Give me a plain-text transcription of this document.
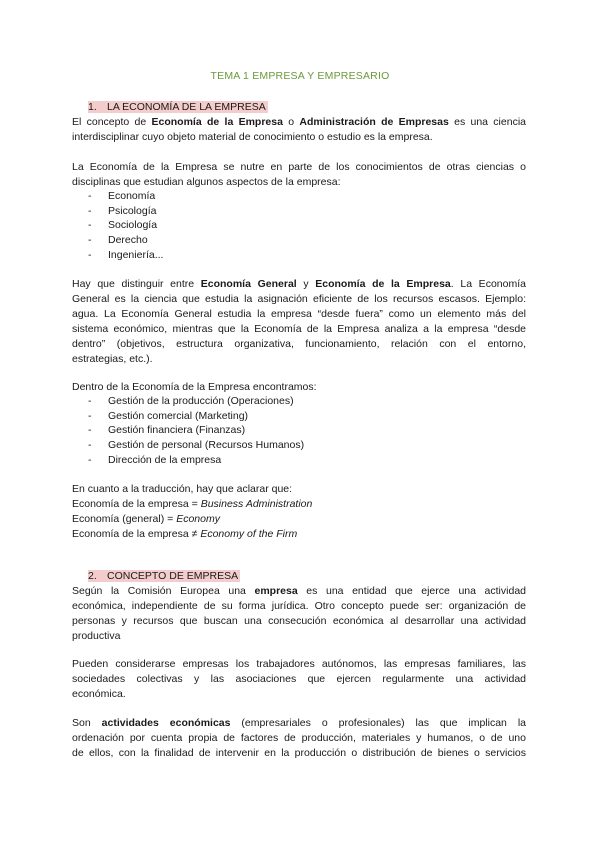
TEMA 1 EMPRESA Y EMPRESARIO
1. LA ECONOMÍA DE LA EMPRESA
El concepto de Economía de la Empresa o Administración de Empresas es una ciencia
interdisciplinar cuyo objeto material de conocimiento o estudio es la empresa.
La Economía de la Empresa se nutre en parte de los conocimientos de otras ciencias o
disciplinas que estudian algunos aspectos de la empresa:
-	Economía
-	Psicología
-	Sociología
-	Derecho
-	Ingeniería...
Hay que distinguir entre Economía General y Economía de la Empresa. La Economía
General es la ciencia que estudia la asignación eficiente de los recursos escasos. Ejemplo:
agua. La Economía General estudia la empresa “desde fuera” como un elemento más del
sistema económico, mientras que la Economía de la Empresa analiza a la empresa “desde
dentro” (objetivos, estructura organizativa, funcionamiento, relación con el entorno,
estrategias, etc.).
Dentro de la Economía de la Empresa encontramos:
-	Gestión de la producción (Operaciones)
-	Gestión comercial (Marketing)
-	Gestión financiera (Finanzas)
-	Gestión de personal (Recursos Humanos)
-	Dirección de la empresa
En cuanto a la traducción, hay que aclarar que:
Economía de la empresa = Business Administration
Economía (general) = Economy
Economía de la empresa ≠ Economy of the Firm
2. CONCEPTO DE EMPRESA
Según la Comisión Europea una empresa es una entidad que ejerce una actividad
económica, independiente de su forma jurídica. Otro concepto puede ser: organización de
personas y recursos que buscan una consecución económica al desarrollar una actividad
productiva
Pueden considerarse empresas los trabajadores autónomos, las empresas familiares, las
sociedades colectivas y las asociaciones que ejercen regularmente una actividad
económica.
Son actividades económicas (empresariales o profesionales) las que implican la
ordenación por cuenta propia de factores de producción, materiales y humanos, o de uno
de ellos, con la finalidad de intervenir en la producción o distribución de bienes o servicios
